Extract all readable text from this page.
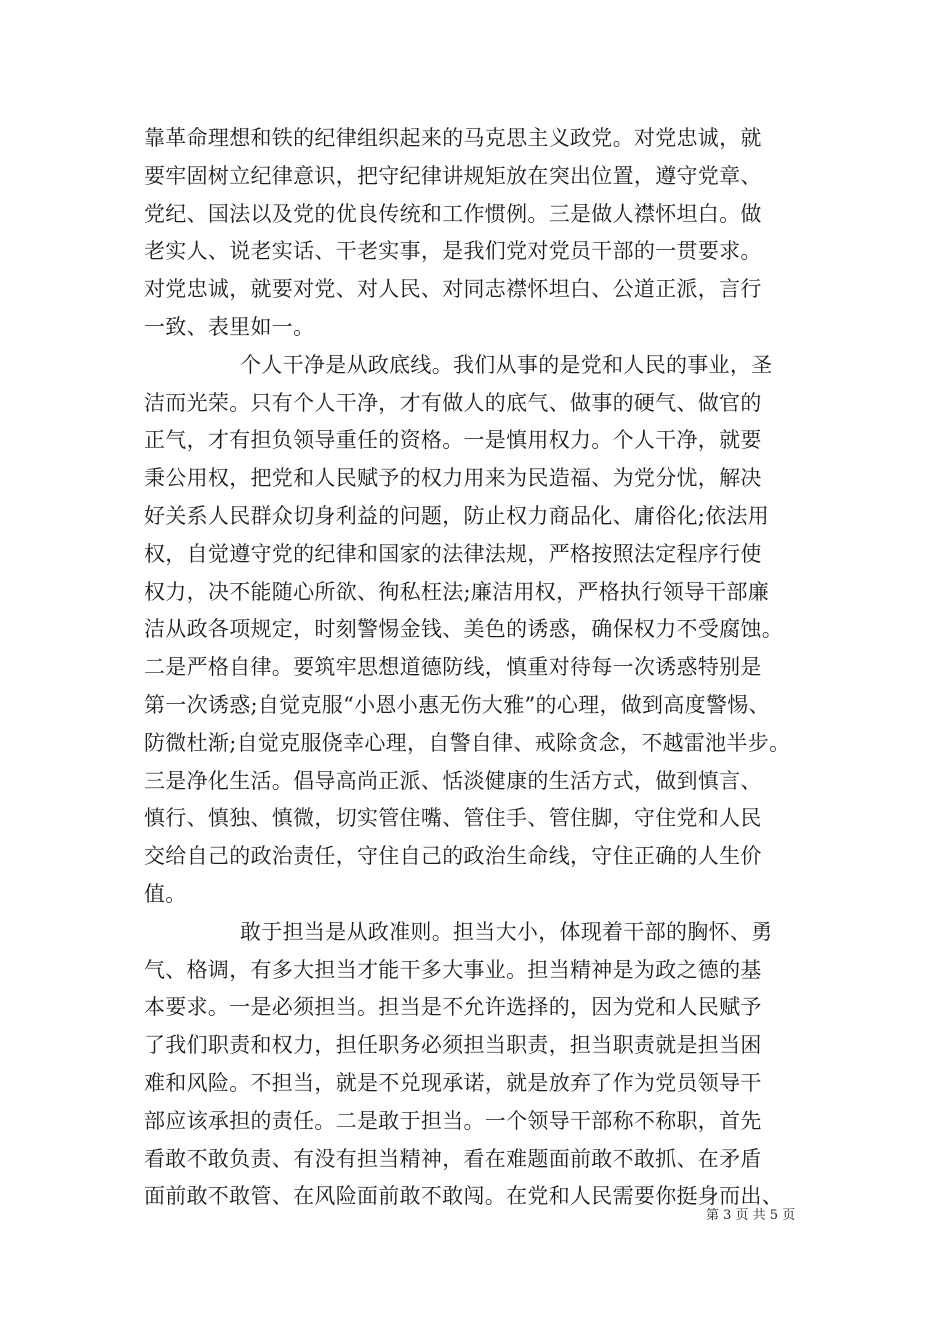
靠革命理想和铁的纪律组织起来的马克思主义政党。对党忠诚，就
要牢固树立纪律意识，把守纪律讲规矩放在突出位置，遵守党章、
党纪、国法以及党的优良传统和工作惯例。三是做人襟怀坦白。做
老实人、说老实话、干老实事，是我们党对党员干部的一贯要求。
对党忠诚，就要对党、对人民、对同志襟怀坦白、公道正派，言行
一致、表里如一。
个人干净是从政底线。我们从事的是党和人民的事业，圣
洁而光荣。只有个人干净，才有做人的底气、做事的硬气、做官的
正气，才有担负领导重任的资格。一是慎用权力。个人干净，就要
秉公用权，把党和人民赋予的权力用来为民造福、为党分忧，解决
好关系人民群众切身利益的问题，防止权力商品化、庸俗化;依法用
权，自觉遵守党的纪律和国家的法律法规，严格按照法定程序行使
权力，决不能随心所欲、徇私枉法;廉洁用权，严格执行领导干部廉
洁从政各项规定，时刻警惕金钱、美色的诱惑，确保权力不受腐蚀。
二是严格自律。要筑牢思想道德防线，慎重对待每一次诱惑特别是
第一次诱惑;自觉克服“小恩小惠无伤大雅”的心理，做到高度警惕、
防微杜渐;自觉克服侥幸心理，自警自律、戒除贪念，不越雷池半步。
三是净化生活。倡导高尚正派、恬淡健康的生活方式，做到慎言、
慎行、慎独、慎微，切实管住嘴、管住手、管住脚，守住党和人民
交给自己的政治责任，守住自己的政治生命线，守住正确的人生价
值。
敢于担当是从政准则。担当大小，体现着干部的胸怀、勇
气、格调，有多大担当才能干多大事业。担当精神是为政之德的基
本要求。一是必须担当。担当是不允许选择的，因为党和人民赋予
了我们职责和权力，担任职务必须担当职责，担当职责就是担当困
难和风险。不担当，就是不兑现承诺，就是放弃了作为党员领导干
部应该承担的责任。二是敢于担当。一个领导干部称不称职，首先
看敢不敢负责、有没有担当精神，看在难题面前敢不敢抓、在矛盾
面前敢不敢管、在风险面前敢不敢闯。在党和人民需要你挺身而出、
第 3 页 共 5 页
